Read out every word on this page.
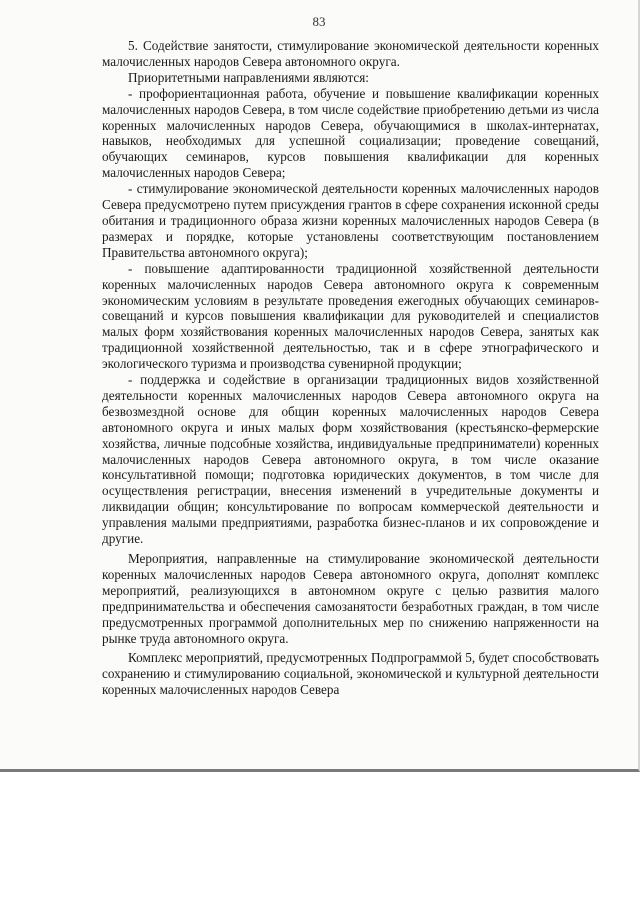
83

5. Содействие занятости, стимулирование экономической деятельности коренных малочисленных народов Севера автономного округа.

Приоритетными направлениями являются:

- профориентационная работа, обучение и повышение квалификации коренных малочисленных народов Севера, в том числе содействие приобретению детьми из числа коренных малочисленных народов Севера, обучающимися в школах-интернатах, навыков, необходимых для успешной социализации; проведение совещаний, обучающих семинаров, курсов повышения квалификации для коренных малочисленных народов Севера;

- стимулирование экономической деятельности коренных малочисленных народов Севера предусмотрено путем присуждения грантов в сфере сохранения исконной среды обитания и традиционного образа жизни коренных малочисленных народов Севера (в размерах и порядке, которые установлены соответствующим постановлением Правительства автономного округа);

- повышение адаптированности традиционной хозяйственной деятельности коренных малочисленных народов Севера автономного округа к современным экономическим условиям в результате проведения ежегодных обучающих семинаров-совещаний и курсов повышения квалификации для руководителей и специалистов малых форм хозяйствования коренных малочисленных народов Севера, занятых как традиционной хозяйственной деятельностью, так и в сфере этнографического и экологического туризма и производства сувенирной продукции;

- поддержка и содействие в организации традиционных видов хозяйственной деятельности коренных малочисленных народов Севера автономного округа на безвозмездной основе для общин коренных малочисленных народов Севера автономного округа и иных малых форм хозяйствования (крестьянско-фермерские хозяйства, личные подсобные хозяйства, индивидуальные предприниматели) коренных малочисленных народов Севера автономного округа, в том числе оказание консультативной помощи; подготовка юридических документов, в том числе для осуществления регистрации, внесения изменений в учредительные документы и ликвидации общин; консультирование по вопросам коммерческой деятельности и управления малыми предприятиями, разработка бизнес-планов и их сопровождение и другие.

Мероприятия, направленные на стимулирование экономической деятельности коренных малочисленных народов Севера автономного округа, дополнят комплекс мероприятий, реализующихся в автономном округе с целью развития малого предпринимательства и обеспечения самозанятости безработных граждан, в том числе предусмотренных программой дополнительных мер по снижению напряженности на рынке труда автономного округа.

Комплекс мероприятий, предусмотренных Подпрограммой 5, будет способствовать сохранению и стимулированию социальной, экономической и культурной деятельности коренных малочисленных народов Севера
